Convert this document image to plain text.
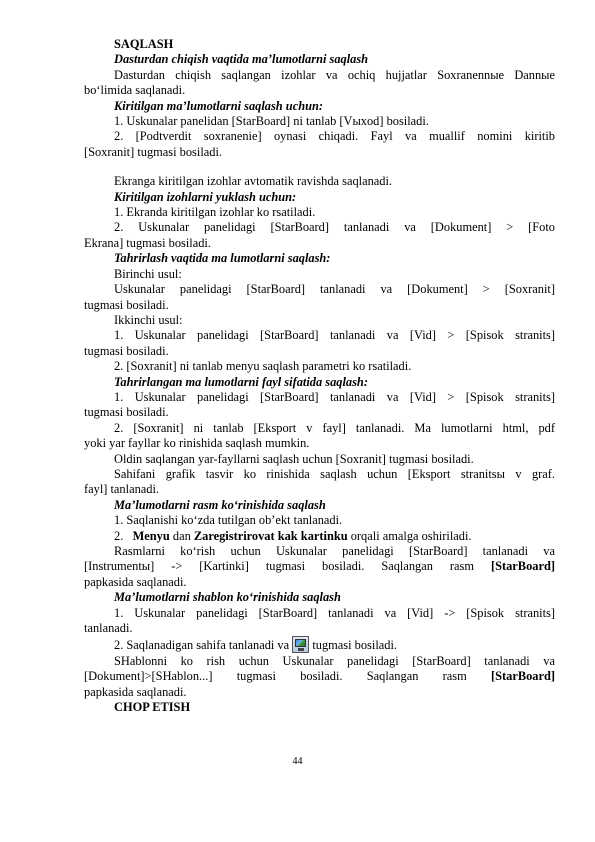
SAQLASH
Dasturdan chiqish vaqtida ma’lumotlarni saqlash
Dasturdan chiqish saqlangan izohlar va ochiq hujjatlar Soxranennыe Dannыe
bo‘limida saqlanadi.
Kiritilgan ma’lumotlarni saqlash uchun:
1. Uskunalar panelidan [StarBoard] ni tanlab [Vыxod] bosiladi.
2. [Podtverdit soxranenie] oynasi chiqadi. Fayl va muallif nomini kiritib
[Soxranit] tugmasi bosiladi.
Ekranga kiritilgan izohlar avtomatik ravishda saqlanadi.
Kiritilgan izohlarni yuklash uchun:
1. Ekranda kiritilgan izohlar ko rsatiladi.
2. Uskunalar panelidagi [StarBoard] tanlanadi va [Dokument] > [Foto
Ekrana] tugmasi bosiladi.
Tahrirlash vaqtida ma lumotlarni saqlash:
Birinchi usul:
Uskunalar panelidagi [StarBoard] tanlanadi va [Dokument] > [Soxranit]
tugmasi bosiladi.
Ikkinchi usul:
1. Uskunalar panelidagi [StarBoard] tanlanadi va [Vid] > [Spisok stranits]
tugmasi bosiladi.
2. [Soxranit] ni tanlab menyu saqlash parametri ko rsatiladi.
Tahrirlangan ma lumotlarni fayl sifatida saqlash:
1. Uskunalar panelidagi [StarBoard] tanlanadi va [Vid] > [Spisok stranits]
tugmasi bosiladi.
2. [Soxranit] ni tanlab [Eksport v fayl] tanlanadi. Ma lumotlarni html, pdf
yoki yar fayllar ko rinishida saqlash mumkin.
Oldin saqlangan yar-fayllarni saqlash uchun [Soxranit] tugmasi bosiladi.
Sahifani grafik tasvir ko rinishida saqlash uchun [Eksport stranitsы v graf.
fayl] tanlanadi.
Ma’lumotlarni rasm ko‘rinishida saqlash
1. Saqlanishi ko‘zda tutilgan ob’ekt tanlanadi.
2. Menyu dan Zaregistrirovat kak kartinku orqali amalga oshiriladi.
Rasmlarni ko‘rish uchun Uskunalar panelidagi [StarBoard] tanlanadi va
[Instrumentы] -> [Kartinki] tugmasi bosiladi. Saqlangan rasm [StarBoard]
papkasida saqlanadi.
Ma’lumotlarni shablon ko‘rinishida saqlash
1. Uskunalar panelidagi [StarBoard] tanlanadi va [Vid] -> [Spisok stranits]
tanlanadi.
2. Saqlanadigan sahifa tanlanadi va  tugmasi bosiladi.
SHablonni ko rish uchun Uskunalar panelidagi [StarBoard] tanlanadi va
[Dokument]>[SHablon...] tugmasi bosiladi. Saqlangan rasm [StarBoard]
papkasida saqlanadi.
CHOP ETISH
44
